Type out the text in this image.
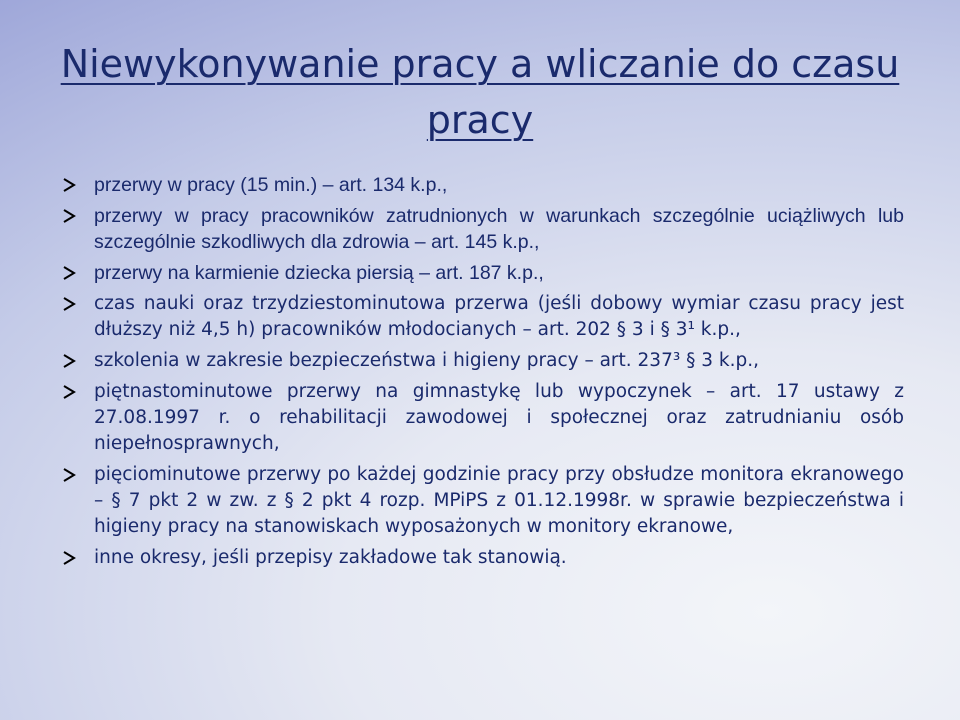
Niewykonywanie pracy a wliczanie do czasu pracy
przerwy w pracy (15 min.) – art. 134 k.p.,
przerwy w pracy pracowników zatrudnionych w warunkach szczególnie uciążliwych lub szczególnie szkodliwych dla zdrowia – art. 145 k.p.,
przerwy na karmienie dziecka piersią – art. 187 k.p.,
czas nauki oraz trzydziestominutowa przerwa (jeśli dobowy wymiar czasu pracy jest dłuższy niż 4,5 h) pracowników młodocianych – art. 202 § 3 i § 3¹ k.p.,
szkolenia w zakresie bezpieczeństwa i higieny pracy – art. 237³ § 3 k.p.,
piętnastominutowe przerwy na gimnastykę lub wypoczynek – art. 17 ustawy z 27.08.1997 r. o rehabilitacji zawodowej i społecznej oraz zatrudnianiu osób niepełnosprawnych,
pięciominutowe przerwy po każdej godzinie pracy przy obsłudze monitora ekranowego – § 7 pkt 2 w zw. z § 2 pkt 4 rozp. MPiPS z 01.12.1998r. w sprawie bezpieczeństwa i higieny pracy na stanowiskach wyposażonych w monitory ekranowe,
inne okresy, jeśli przepisy zakładowe tak stanowią.
